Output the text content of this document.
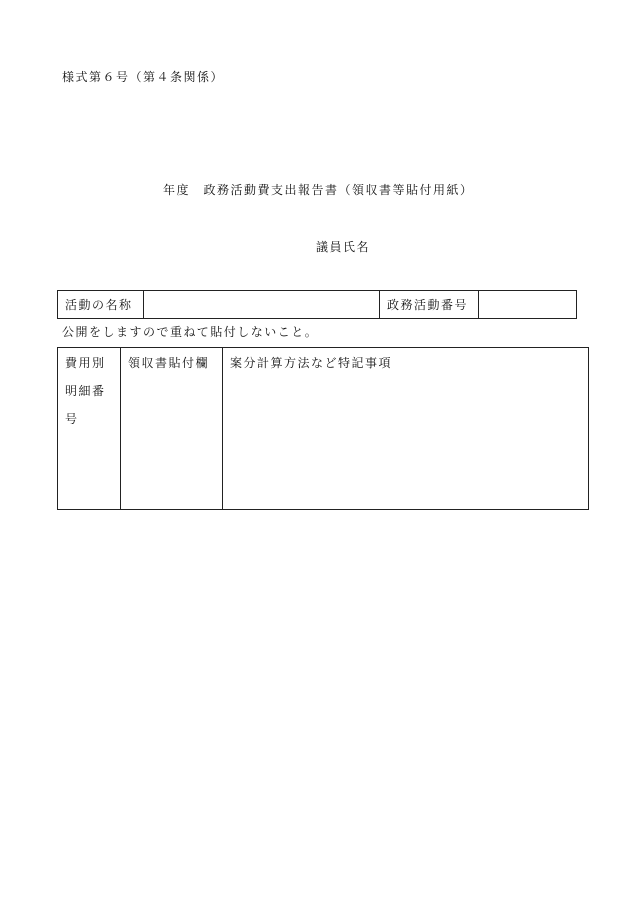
様式第６号（第４条関係）
年度　政務活動費支出報告書（領収書等貼付用紙）
議員氏名
活動の名称	政務活動番号
公開をしますので重ねて貼付しないこと。
費用別明細番号
領収書貼付欄	案分計算方法など特記事項
